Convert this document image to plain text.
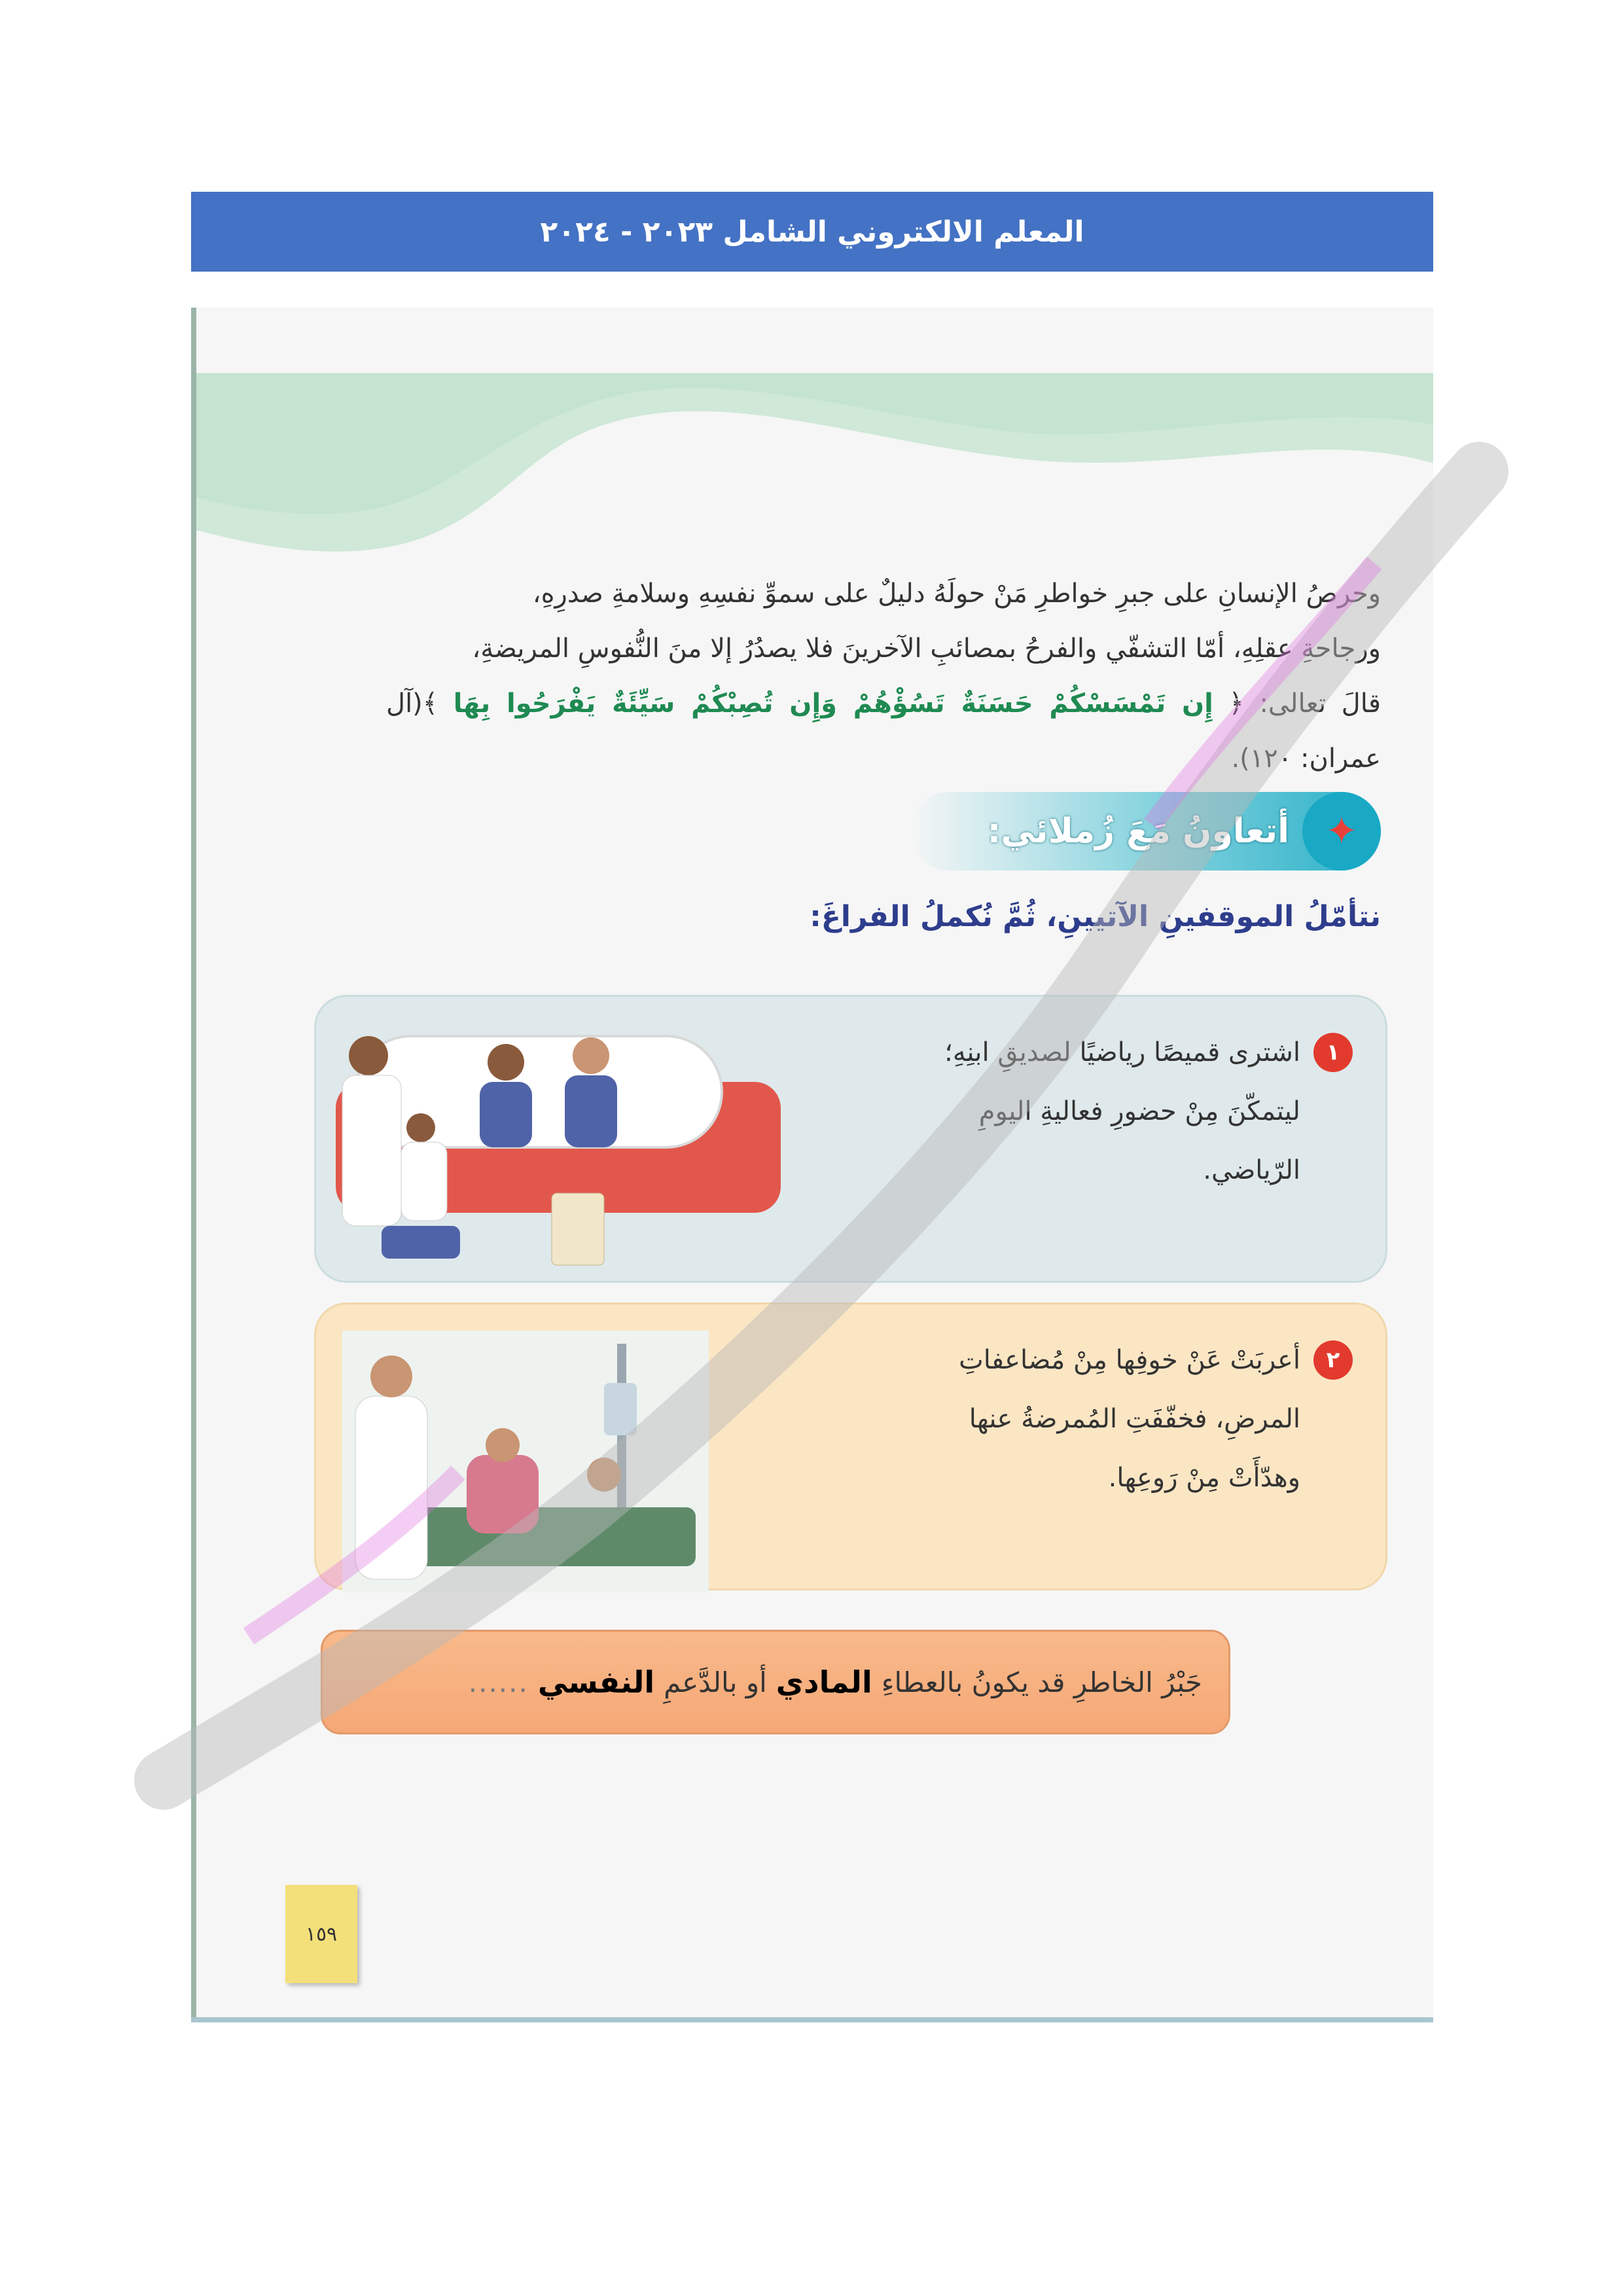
المعلم الالكتروني الشامل ٢٠٢٣ - ٢٠٢٤
وحرصُ الإنسانِ على جبرِ خواطرِ مَنْ حولَهُ دليلٌ على سموِّ نفسِهِ وسلامةِ صدرِهِ،
ورجاحةِ عقلِهِ، أمّا التشفّي والفرحُ بمصائبِ الآخرينَ فلا يصدُرُ إلا منَ النُّفوسِ المريضةِ،
قالَ تعالى: ﴿ إِن تَمْسَسْكُمْ حَسَنَةٌ تَسُؤْهُمْ وَإِن تُصِبْكُمْ سَيِّئَةٌ يَفْرَحُوا بِهَا ﴾(آل عمران: ١٢٠).
✦
أتعاونُ مَعَ زُملائي:
نتأمّلُ الموقفينِ الآتيينِ، ثُمَّ نُكملُ الفراغَ:
١
اشترى قميصًا رياضيًا لصديقِ ابنِهِ؛ ليتمكّنَ مِنْ حضورِ فعاليةِ اليومِ الرّياضي.
٢
أعربَتْ عَنْ خوفِها مِنْ مُضاعفاتِ المرضِ، فخفّفَتِ المُمرضةُ عنها وهدّأَتْ مِنْ رَوعِها.
جَبْرُ الخاطرِ قد يكونُ بالعطاءِ
المادي
أو بالدَّعمِ
النفسي
......
١٥٩
